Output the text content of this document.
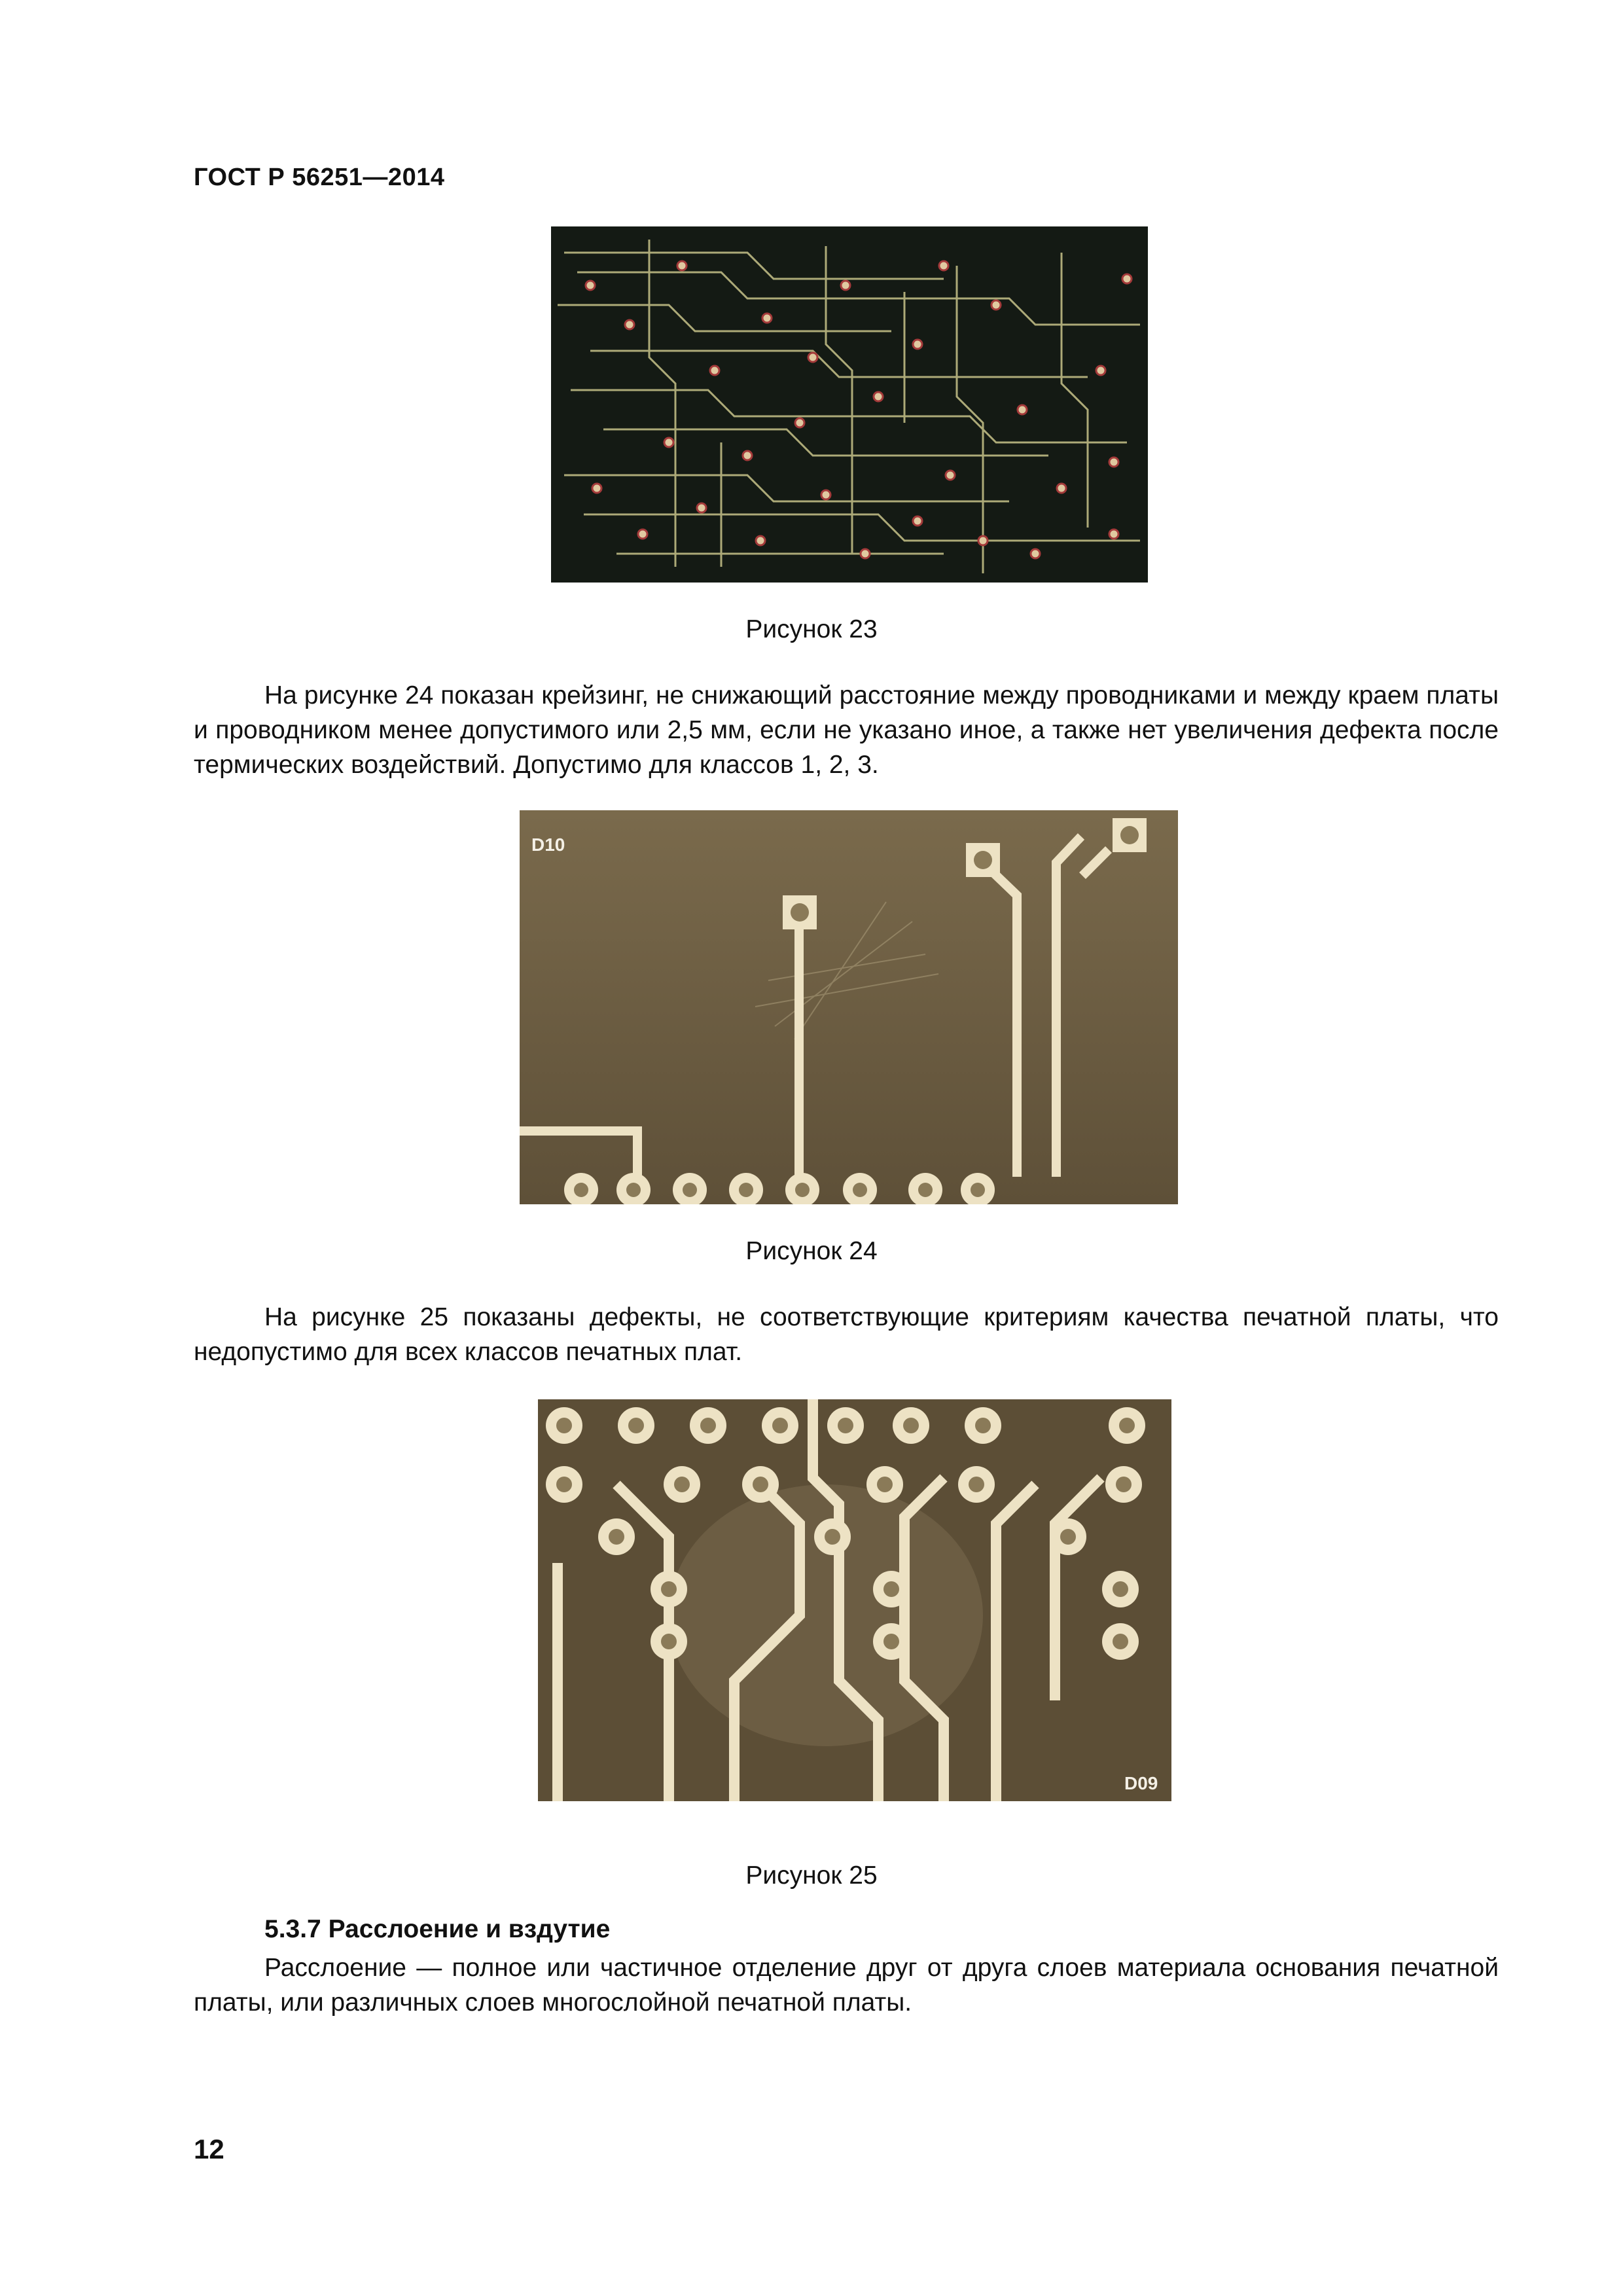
ГОСТ Р 56251—2014
Рисунок 23

На рисунке 24 показан крейзинг, не снижающий расстояние между проводниками и между краем платы и проводником менее допустимого или 2,5 мм, если не указано иное, а также нет увеличения дефекта после термических воздействий. Допустимо для классов 1, 2, 3.

D10
Рисунок 24

На рисунке 25 показаны дефекты, не соответствующие критериям качества печатной платы, что недопустимо для всех классов печатных плат.

D09
Рисунок 25
5.3.7 Расслоение и вздутие

Расслоение — полное или частичное отделение друг от друга слоев материала основания печатной платы, или различных слоев многослойной печатной платы.

12
